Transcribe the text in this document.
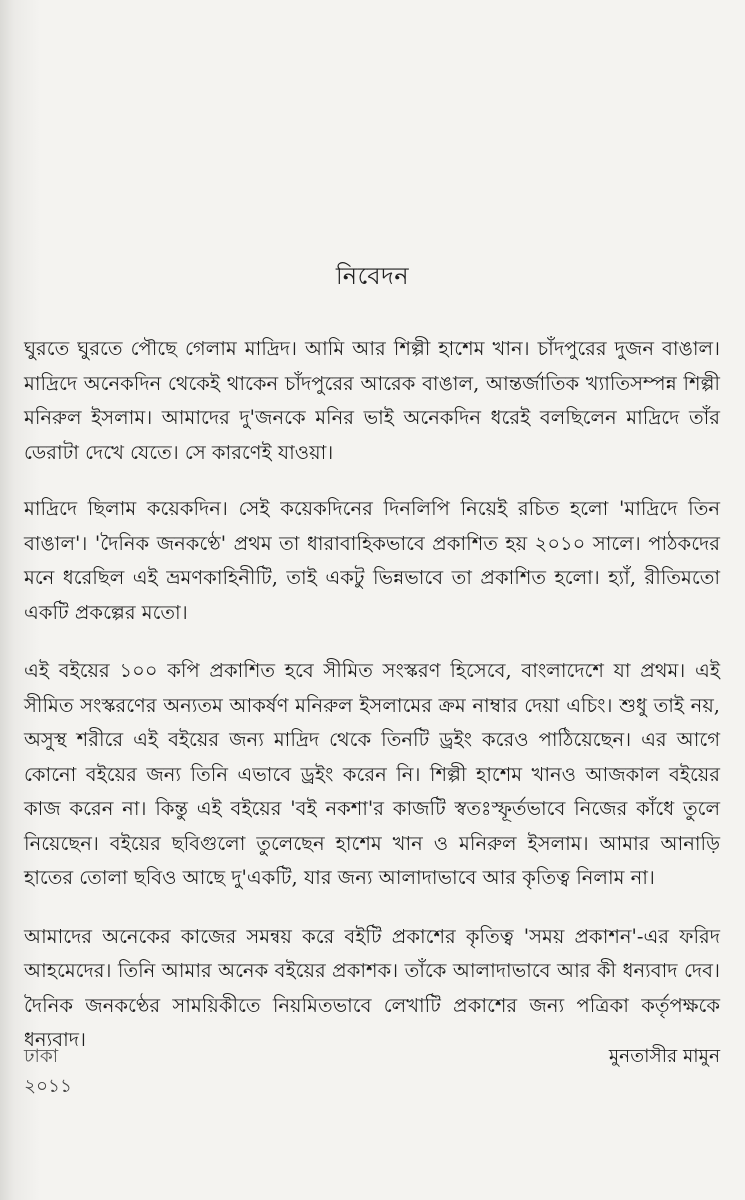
নিবেদন

ঘুরতে ঘুরতে পৌছে গেলাম মাদ্রিদ। আমি আর শিল্পী হাশেম খান। চাঁদপুরের দুজন বাঙাল। মাদ্রিদে অনেকদিন থেকেই থাকেন চাঁদপুরের আরেক বাঙাল, আন্তর্জাতিক খ্যাতিসম্পন্ন শিল্পী মনিরুল ইসলাম। আমাদের দু'জনকে মনির ভাই অনেকদিন ধরেই বলছিলেন মাদ্রিদে তাঁর ডেরাটা দেখে যেতে। সে কারণেই যাওয়া।

মাদ্রিদে ছিলাম কয়েকদিন। সেই কয়েকদিনের দিনলিপি নিয়েই রচিত হলো 'মাদ্রিদে তিন বাঙাল'। 'দৈনিক জনকণ্ঠে' প্রথম তা ধারাবাহিকভাবে প্রকাশিত হয় ২০১০ সালে। পাঠকদের মনে ধরেছিল এই ভ্রমণকাহিনীটি, তাই একটু ভিন্নভাবে তা প্রকাশিত হলো। হ্যাঁ, রীতিমতো একটি প্রকল্পের মতো।

এই বইয়ের ১০০ কপি প্রকাশিত হবে সীমিত সংস্করণ হিসেবে, বাংলাদেশে যা প্রথম। এই সীমিত সংস্করণের অন্যতম আকর্ষণ মনিরুল ইসলামের ক্রম নাম্বার দেয়া এচিং। শুধু তাই নয়, অসুস্থ শরীরে এই বইয়ের জন্য মাদ্রিদ থেকে তিনটি ড্রইং করেও পাঠিয়েছেন। এর আগে কোনো বইয়ের জন্য তিনি এভাবে ড্রইং করেন নি। শিল্পী হাশেম খানও আজকাল বইয়ের কাজ করেন না। কিন্তু এই বইয়ের 'বই নকশা'র কাজটি স্বতঃস্ফূর্তভাবে নিজের কাঁধে তুলে নিয়েছেন। বইয়ের ছবিগুলো তুলেছেন হাশেম খান ও মনিরুল ইসলাম। আমার আনাড়ি হাতের তোলা ছবিও আছে দু'একটি, যার জন্য আলাদাভাবে আর কৃতিত্ব নিলাম না।

আমাদের অনেকের কাজের সমন্বয় করে বইটি প্রকাশের কৃতিত্ব 'সময় প্রকাশন'-এর ফরিদ আহমেদের। তিনি আমার অনেক বইয়ের প্রকাশক। তাঁকে আলাদাভাবে আর কী ধন্যবাদ দেব। দৈনিক জনকণ্ঠের সাময়িকীতে নিয়মিতভাবে লেখাটি প্রকাশের জন্য পত্রিকা কর্তৃপক্ষকে ধন্যবাদ।

ঢাকা
২০১১
মুনতাসীর মামুন
